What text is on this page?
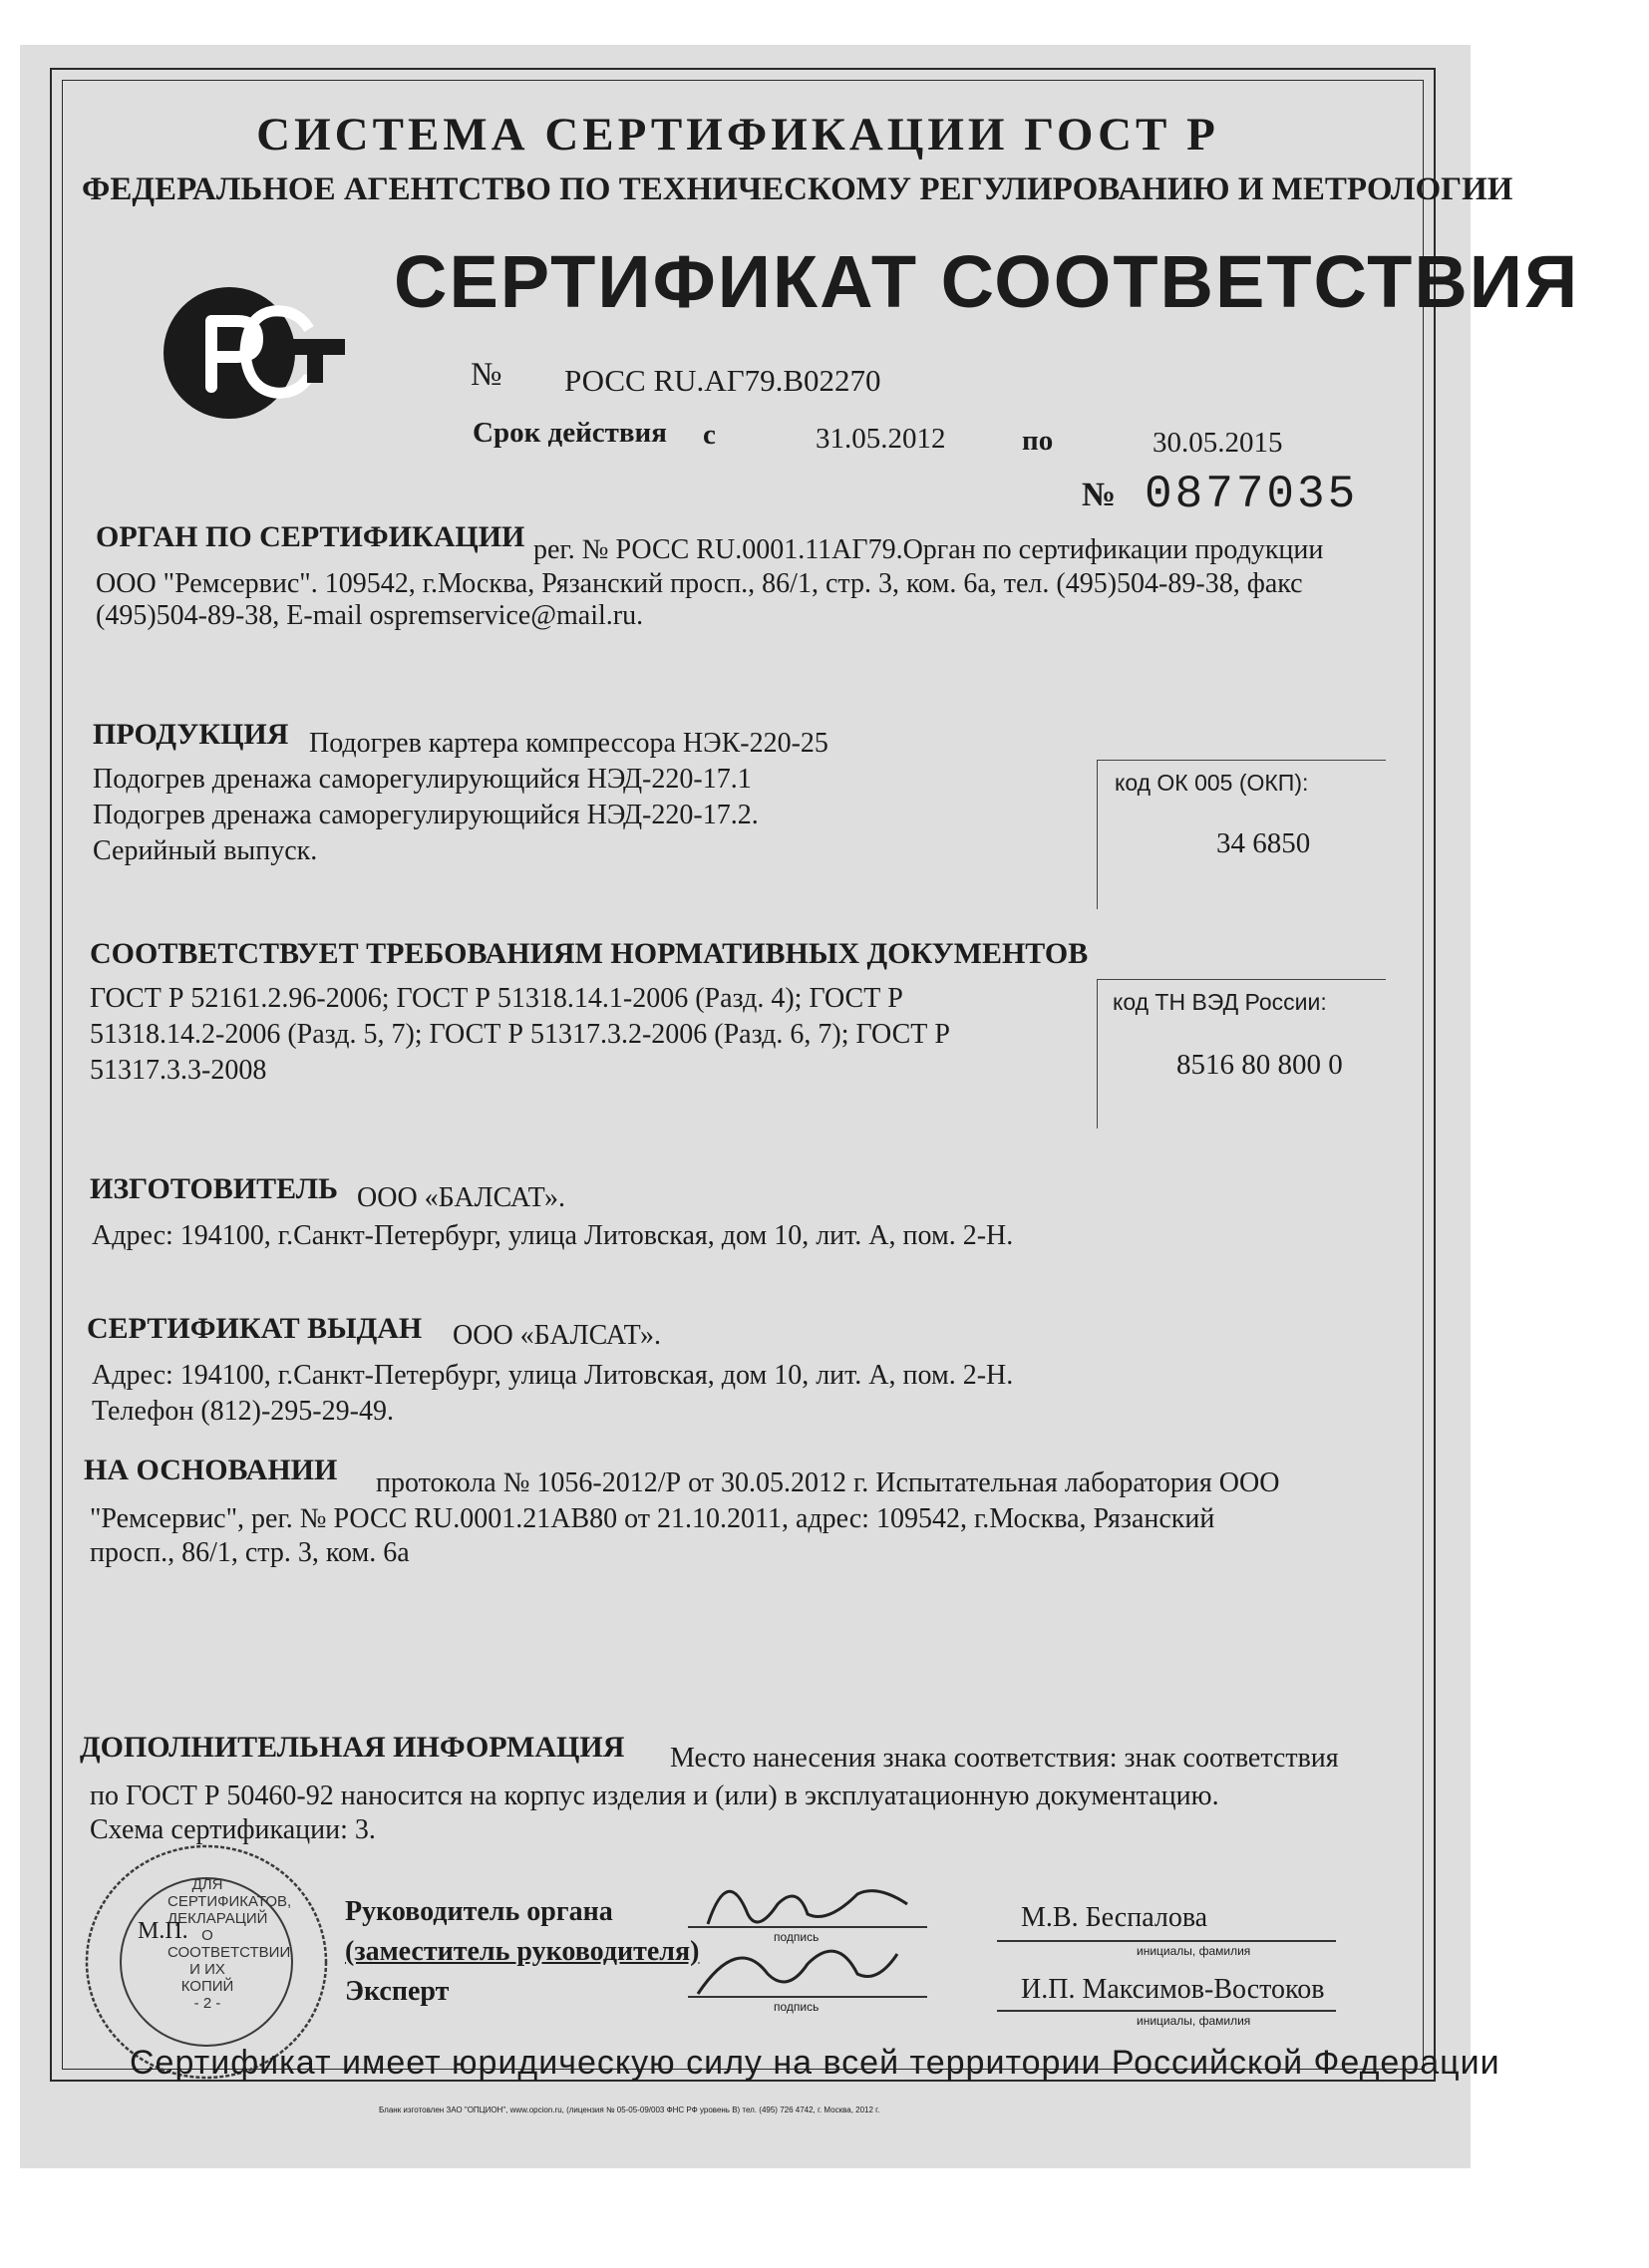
СИСТЕМА СЕРТИФИКАЦИИ ГОСТ Р
ФЕДЕРАЛЬНОЕ АГЕНТСТВО ПО ТЕХНИЧЕСКОМУ РЕГУЛИРОВАНИЮ И МЕТРОЛОГИИ
СЕРТИФИКАТ СООТВЕТСТВИЯ
№ РОСС RU.АГ79.В02270
Срок действия с	31.05.2012	по	30.05.2015
№ 0877035
ОРГАН ПО СЕРТИФИКАЦИИ рег. № РОСС RU.0001.11АГ79.Орган по сертификации продукции
ООО "Ремсервис". 109542, г.Москва, Рязанский просп., 86/1, стр. 3, ком. 6а, тел. (495)504-89-38, факс
(495)504-89-38, E-mail ospremservice@mail.ru.
ПРОДУКЦИЯ Подогрев картера компрессора НЭК-220-25
Подогрев дренажа саморегулирующийся НЭД-220-17.1
Подогрев дренажа саморегулирующийся НЭД-220-17.2.
Серийный выпуск.
код ОК 005 (ОКП):
34 6850
СООТВЕТСТВУЕТ ТРЕБОВАНИЯМ НОРМАТИВНЫХ ДОКУМЕНТОВ
ГОСТ Р 52161.2.96-2006; ГОСТ Р 51318.14.1-2006 (Разд. 4); ГОСТ Р
51318.14.2-2006 (Разд. 5, 7); ГОСТ Р 51317.3.2-2006 (Разд. 6, 7); ГОСТ Р
51317.3.3-2008
код ТН ВЭД России:
8516 80 800 0
ИЗГОТОВИТЕЛЬ ООО «БАЛСАТ».
Адрес: 194100, г.Санкт-Петербург, улица Литовская, дом 10, лит. А, пом. 2-Н.
СЕРТИФИКАТ ВЫДАН ООО «БАЛСАТ».
Адрес: 194100, г.Санкт-Петербург, улица Литовская, дом 10, лит. А, пом. 2-Н.
Телефон (812)-295-29-49.
НА ОСНОВАНИИ протокола № 1056-2012/Р от 30.05.2012 г. Испытательная лаборатория ООО
"Ремсервис", рег. № РОСС RU.0001.21АВ80 от 21.10.2011, адрес: 109542, г.Москва, Рязанский
просп., 86/1, стр. 3, ком. 6а
ДОПОЛНИТЕЛЬНАЯ ИНФОРМАЦИЯ Место нанесения знака соответствия: знак соответствия
по ГОСТ Р 50460-92 наносится на корпус изделия и (или) в эксплуатационную документацию.
Схема сертификации: 3.
ДЛЯ
СЕРТИФИКАТОВ,
ДЕКЛАРАЦИЙ О
СООТВЕТСТВИИ
И ИХ КОПИЙ
- 2 -
М.П.
Руководитель органа
(заместитель руководителя)
Эксперт
подпись
подпись
М.В. Беспалова
инициалы, фамилия
И.П. Максимов-Востоков
инициалы, фамилия
Сертификат имеет юридическую силу на всей территории Российской Федерации
Бланк изготовлен ЗАО "ОПЦИОН", www.opcion.ru, (лицензия № 05-05-09/003 ФНС РФ уровень В) тел. (495) 726 4742, г. Москва, 2012 г.
